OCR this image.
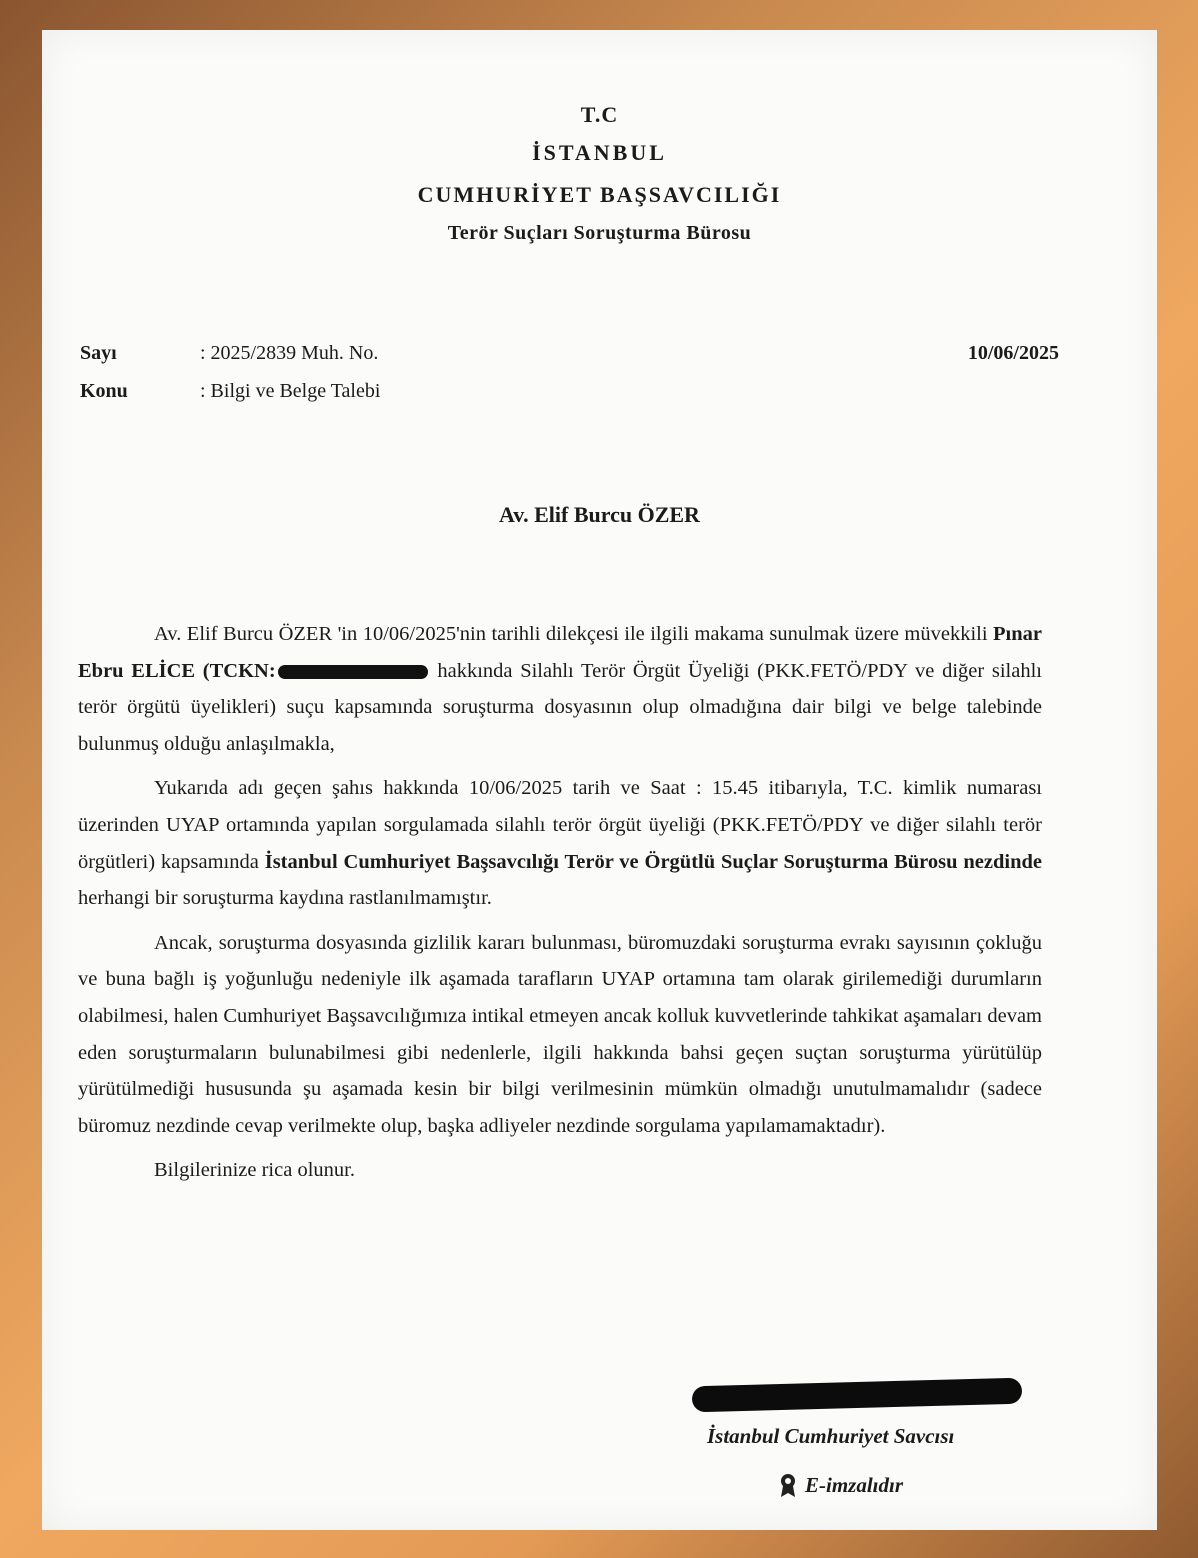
T.C
İSTANBUL
CUMHURİYET BAŞSAVCILIĞI
Terör Suçları Soruşturma Bürosu
Sayı	: 2025/2839 Muh. No.
Konu	: Bilgi ve Belge Talebi
10/06/2025
Av. Elif Burcu ÖZER

Av. Elif Burcu ÖZER 'in 10/06/2025'nin tarihli dilekçesi ile ilgili makama sunulmak üzere müvekkili Pınar Ebru ELİCE (TCKN:	hakkında Silahlı Terör Örgüt Üyeliği (PKK.FETÖ/PDY ve diğer silahlı terör örgütü üyelikleri) suçu kapsamında soruşturma dosyasının olup olmadığına dair bilgi ve belge talebinde bulunmuş olduğu anlaşılmakla,

Yukarıda adı geçen şahıs hakkında 10/06/2025 tarih ve Saat : 15.45 itibarıyla, T.C. kimlik numarası üzerinden UYAP ortamında yapılan sorgulamada silahlı terör örgüt üyeliği (PKK.FETÖ/PDY ve diğer silahlı terör örgütleri) kapsamında İstanbul Cumhuriyet Başsavcılığı Terör ve Örgütlü Suçlar Soruşturma Bürosu nezdinde herhangi bir soruşturma kaydına rastlanılmamıştır.

Ancak, soruşturma dosyasında gizlilik kararı bulunması, büromuzdaki soruşturma evrakı sayısının çokluğu ve buna bağlı iş yoğunluğu nedeniyle ilk aşamada tarafların UYAP ortamına tam olarak girilemediği durumların olabilmesi, halen Cumhuriyet Başsavcılığımıza intikal etmeyen ancak kolluk kuvvetlerinde tahkikat aşamaları devam eden soruşturmaların bulunabilmesi gibi nedenlerle, ilgili hakkında bahsi geçen suçtan soruşturma yürütülüp yürütülmediği hususunda şu aşamada kesin bir bilgi verilmesinin mümkün olmadığı unutulmamalıdır (sadece büromuz nezdinde cevap verilmekte olup, başka adliyeler nezdinde sorgulama yapılamamaktadır).

Bilgilerinize rica olunur.

İstanbul Cumhuriyet Savcısı
E-imzalıdır
